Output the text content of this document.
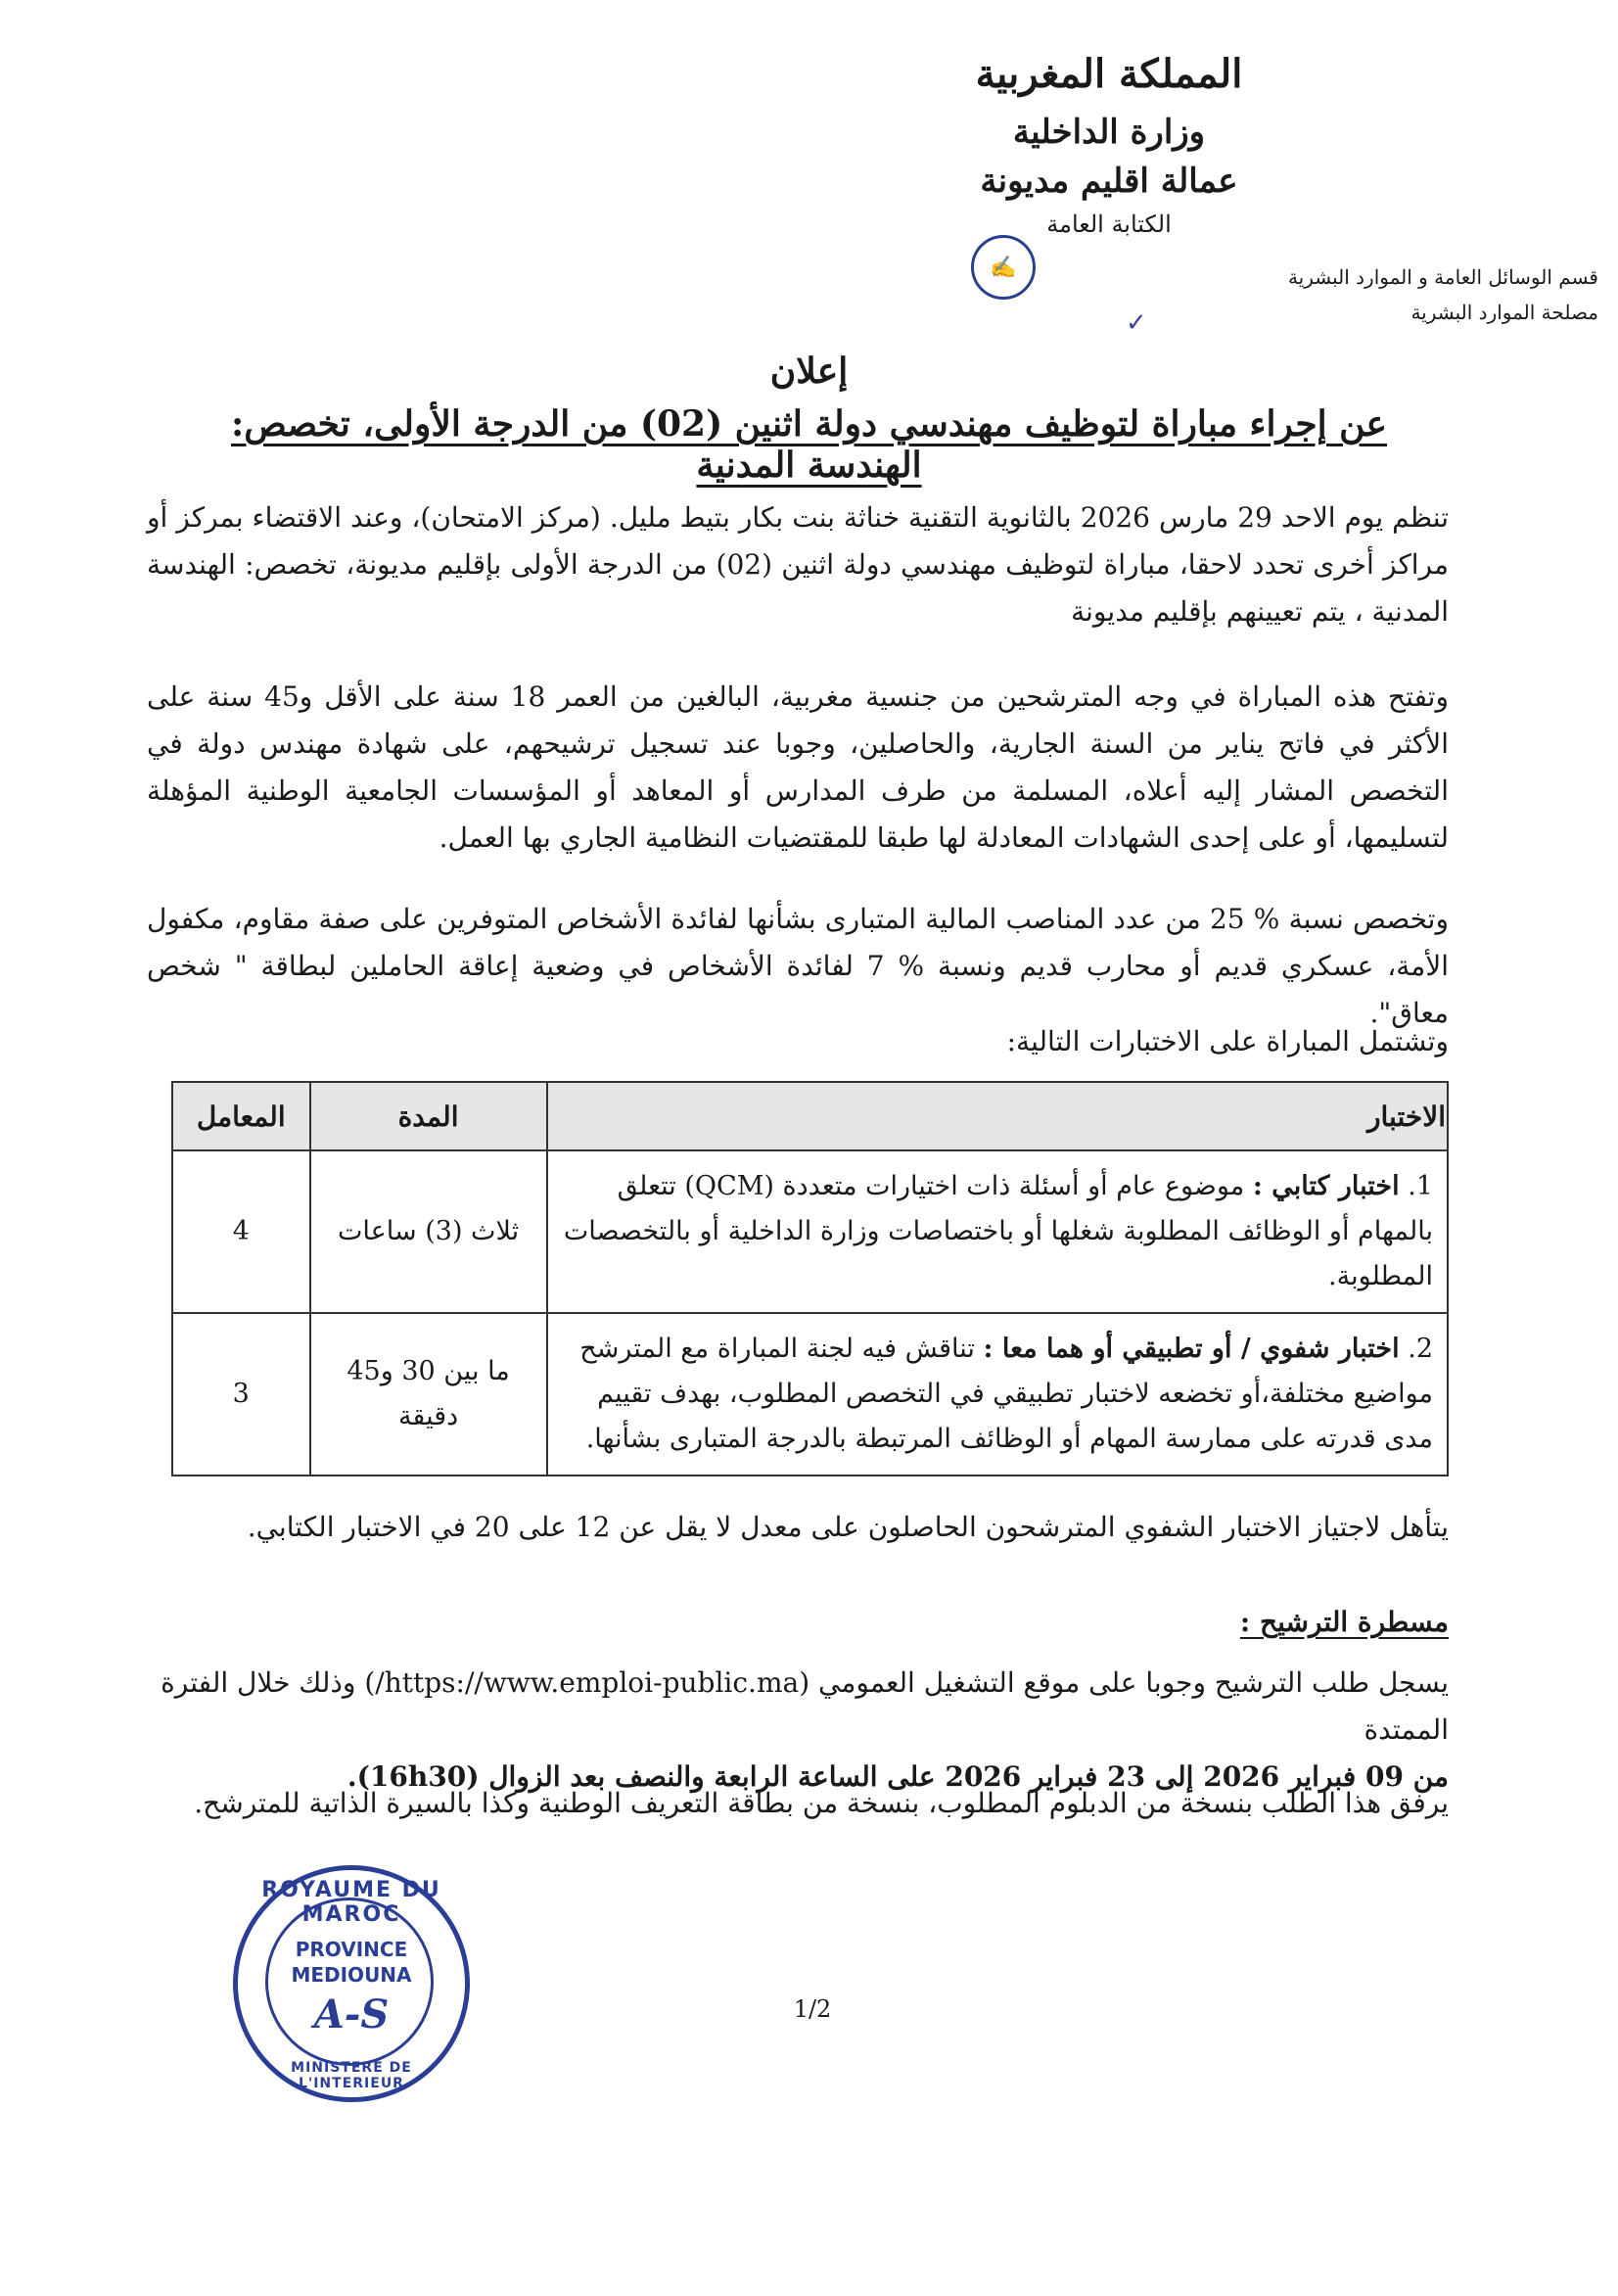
المملكة المغربية
وزارة الداخلية
عمالة اقليم مديونة
الكتابة العامة
قسم الوسائل العامة و الموارد البشرية
مصلحة الموارد البشرية
✍
✓
إعلان
عن إجراء مباراة لتوظيف مهندسي دولة اثنين (02) من الدرجة الأولى، تخصص: الهندسة المدنية
تنظم يوم الاحد 29 مارس 2026 بالثانوية التقنية خناثة بنت بكار بتيط مليل. (مركز الامتحان)، وعند الاقتضاء بمركز أو مراكز أخرى تحدد لاحقا، مباراة لتوظيف مهندسي دولة اثنين (02) من الدرجة الأولى بإقليم مديونة، تخصص: الهندسة المدنية ، يتم تعيينهم بإقليم مديونة
وتفتح هذه المباراة في وجه المترشحين من جنسية مغربية، البالغين من العمر 18 سنة على الأقل و45 سنة على الأكثر في فاتح يناير من السنة الجارية، والحاصلين، وجوبا عند تسجيل ترشيحهم، على شهادة مهندس دولة في التخصص المشار إليه أعلاه، المسلمة من طرف المدارس أو المعاهد أو المؤسسات الجامعية الوطنية المؤهلة لتسليمها، أو على إحدى الشهادات المعادلة لها طبقا للمقتضيات النظامية الجاري بها العمل.
وتخصص نسبة % 25 من عدد المناصب المالية المتبارى بشأنها لفائدة الأشخاص المتوفرين على صفة مقاوم، مكفول الأمة، عسكري قديم أو محارب قديم ونسبة % 7 لفائدة الأشخاص في وضعية إعاقة الحاملين لبطاقة " شخص معاق".
وتشتمل المباراة على الاختبارات التالية:
الاختبار	المدة	المعامل
1. اختبار كتابي : موضوع عام أو أسئلة ذات اختيارات متعددة (QCM) تتعلق بالمهام أو الوظائف المطلوبة شغلها أو باختصاصات وزارة الداخلية أو بالتخصصات المطلوبة.	ثلاث (3) ساعات	4
2. اختبار شفوي / أو تطبيقي أو هما معا : تناقش فيه لجنة المباراة مع المترشح مواضيع مختلفة،أو تخضعه لاختبار تطبيقي في التخصص المطلوب، بهدف تقييم مدى قدرته على ممارسة المهام أو الوظائف المرتبطة بالدرجة المتبارى بشأنها.	ما بين 30 و45 دقيقة	3
يتأهل لاجتياز الاختبار الشفوي المترشحون الحاصلون على معدل لا يقل عن 12 على 20 في الاختبار الكتابي.
مسطرة الترشيح :
يسجل طلب الترشيح وجوبا على موقع التشغيل العمومي (https://www.emploi-public.ma/) وذلك خلال الفترة الممتدة
من 09 فبراير 2026 إلى 23 فبراير 2026 على الساعة الرابعة والنصف بعد الزوال (16h30).
يرفق هذا الطلب بنسخة من الدبلوم المطلوب، بنسخة من بطاقة التعريف الوطنية وكذا بالسيرة الذاتية للمترشح.
ROYAUME DU MAROC
PROVINCE
MEDIOUNA
A-S
MINISTERE DE L'INTERIEUR
1/2
